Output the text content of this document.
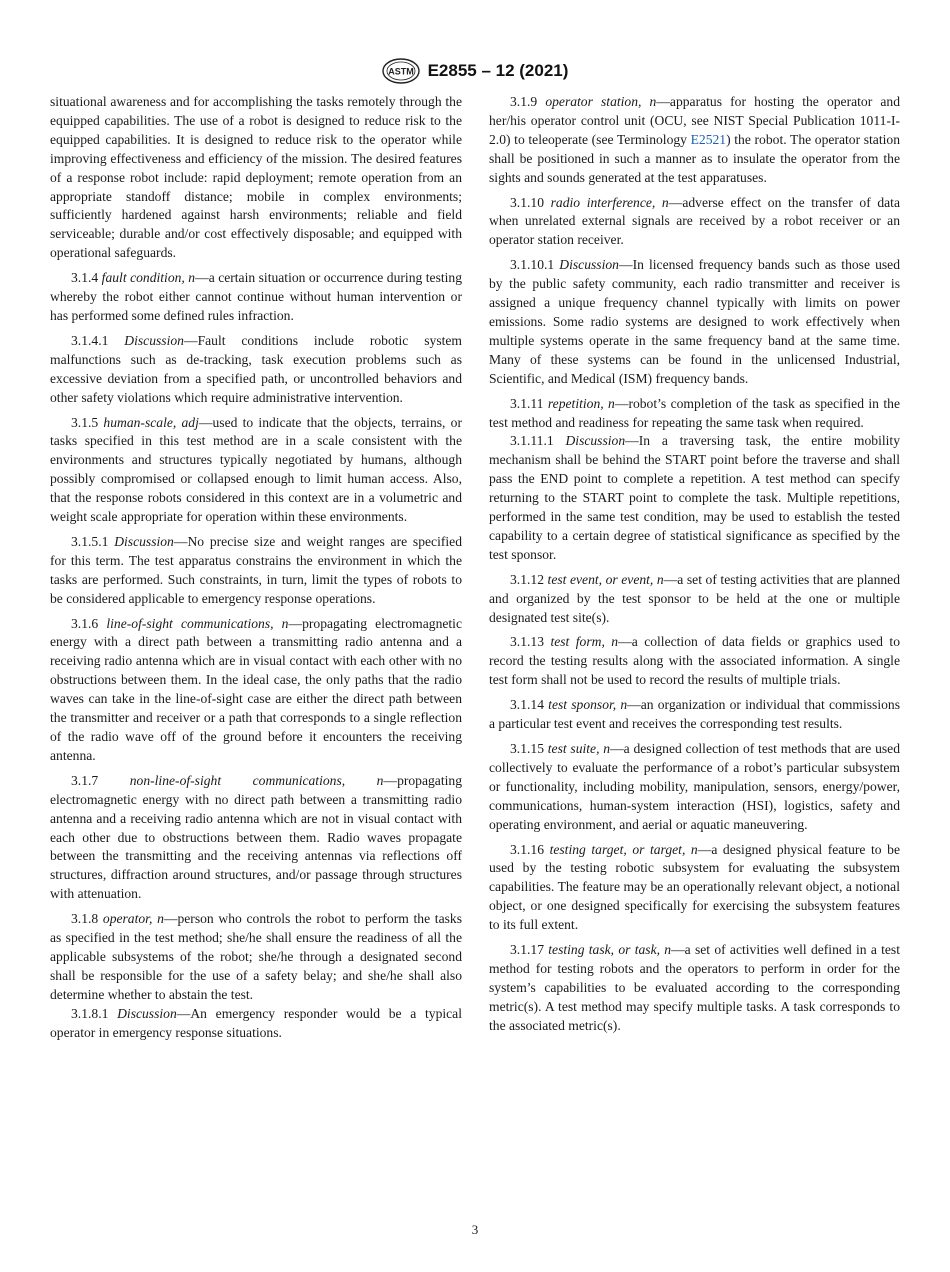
ASTM E2855 – 12 (2021)

situational awareness and for accomplishing the tasks remotely through the equipped capabilities. The use of a robot is designed to reduce risk to the equipped capabilities. It is designed to reduce risk to the operator while improving effectiveness and efficiency of the mission. The desired features of a response robot include: rapid deployment; remote operation from an appropriate standoff distance; mobile in complex environments; sufficiently hardened against harsh environments; reliable and field serviceable; durable and/or cost effectively disposable; and equipped with operational safeguards.

3.1.4 fault condition, n—a certain situation or occurrence during testing whereby the robot either cannot continue without human intervention or has performed some defined rules infraction.

3.1.4.1 Discussion—Fault conditions include robotic system malfunctions such as de-tracking, task execution problems such as excessive deviation from a specified path, or uncontrolled behaviors and other safety violations which require administrative intervention.

3.1.5 human-scale, adj—used to indicate that the objects, terrains, or tasks specified in this test method are in a scale consistent with the environments and structures typically negotiated by humans, although possibly compromised or collapsed enough to limit human access. Also, that the response robots considered in this context are in a volumetric and weight scale appropriate for operation within these environments.

3.1.5.1 Discussion—No precise size and weight ranges are specified for this term. The test apparatus constrains the environment in which the tasks are performed. Such constraints, in turn, limit the types of robots to be considered applicable to emergency response operations.

3.1.6 line-of-sight communications, n—propagating electromagnetic energy with a direct path between a transmitting radio antenna and a receiving radio antenna which are in visual contact with each other with no obstructions between them. In the ideal case, the only paths that the radio waves can take in the line-of-sight case are either the direct path between the transmitter and receiver or a path that corresponds to a single reflection of the radio wave off of the ground before it encounters the receiving antenna.

3.1.7 non-line-of-sight communications, n—propagating electromagnetic energy with no direct path between a transmitting radio antenna and a receiving radio antenna which are not in visual contact with each other due to obstructions between them. Radio waves propagate between the transmitting and the receiving antennas via reflections off structures, diffraction around structures, and/or passage through structures with attenuation.

3.1.8 operator, n—person who controls the robot to perform the tasks as specified in the test method; she/he shall ensure the readiness of all the applicable subsystems of the robot; she/he through a designated second shall be responsible for the use of a safety belay; and she/he shall also determine whether to abstain the test.

3.1.8.1 Discussion—An emergency responder would be a typical operator in emergency response situations.

3.1.9 operator station, n—apparatus for hosting the operator and her/his operator control unit (OCU, see NIST Special Publication 1011-I-2.0) to teleoperate (see Terminology E2521) the robot. The operator station shall be positioned in such a manner as to insulate the operator from the sights and sounds generated at the test apparatuses.

3.1.10 radio interference, n—adverse effect on the transfer of data when unrelated external signals are received by a robot receiver or an operator station receiver.

3.1.10.1 Discussion—In licensed frequency bands such as those used by the public safety community, each radio transmitter and receiver is assigned a unique frequency channel typically with limits on power emissions. Some radio systems are designed to work effectively when multiple systems operate in the same frequency band at the same time. Many of these systems can be found in the unlicensed Industrial, Scientific, and Medical (ISM) frequency bands.

3.1.11 repetition, n—robot’s completion of the task as specified in the test method and readiness for repeating the same task when required.

3.1.11.1 Discussion—In a traversing task, the entire mobility mechanism shall be behind the START point before the traverse and shall pass the END point to complete a repetition. A test method can specify returning to the START point to complete the task. Multiple repetitions, performed in the same test condition, may be used to establish the tested capability to a certain degree of statistical significance as specified by the test sponsor.

3.1.12 test event, or event, n—a set of testing activities that are planned and organized by the test sponsor to be held at the one or multiple designated test site(s).

3.1.13 test form, n—a collection of data fields or graphics used to record the testing results along with the associated information. A single test form shall not be used to record the results of multiple trials.

3.1.14 test sponsor, n—an organization or individual that commissions a particular test event and receives the corresponding test results.

3.1.15 test suite, n—a designed collection of test methods that are used collectively to evaluate the performance of a robot’s particular subsystem or functionality, including mobility, manipulation, sensors, energy/power, communications, human-system interaction (HSI), logistics, safety and operating environment, and aerial or aquatic maneuvering.

3.1.16 testing target, or target, n—a designed physical feature to be used by the testing robotic subsystem for evaluating the subsystem capabilities. The feature may be an operationally relevant object, a notional object, or one designed specifically for exercising the subsystem features to its full extent.

3.1.17 testing task, or task, n—a set of activities well defined in a test method for testing robots and the operators to perform in order for the system’s capabilities to be evaluated according to the corresponding metric(s). A test method may specify multiple tasks. A task corresponds to the associated metric(s).

3
